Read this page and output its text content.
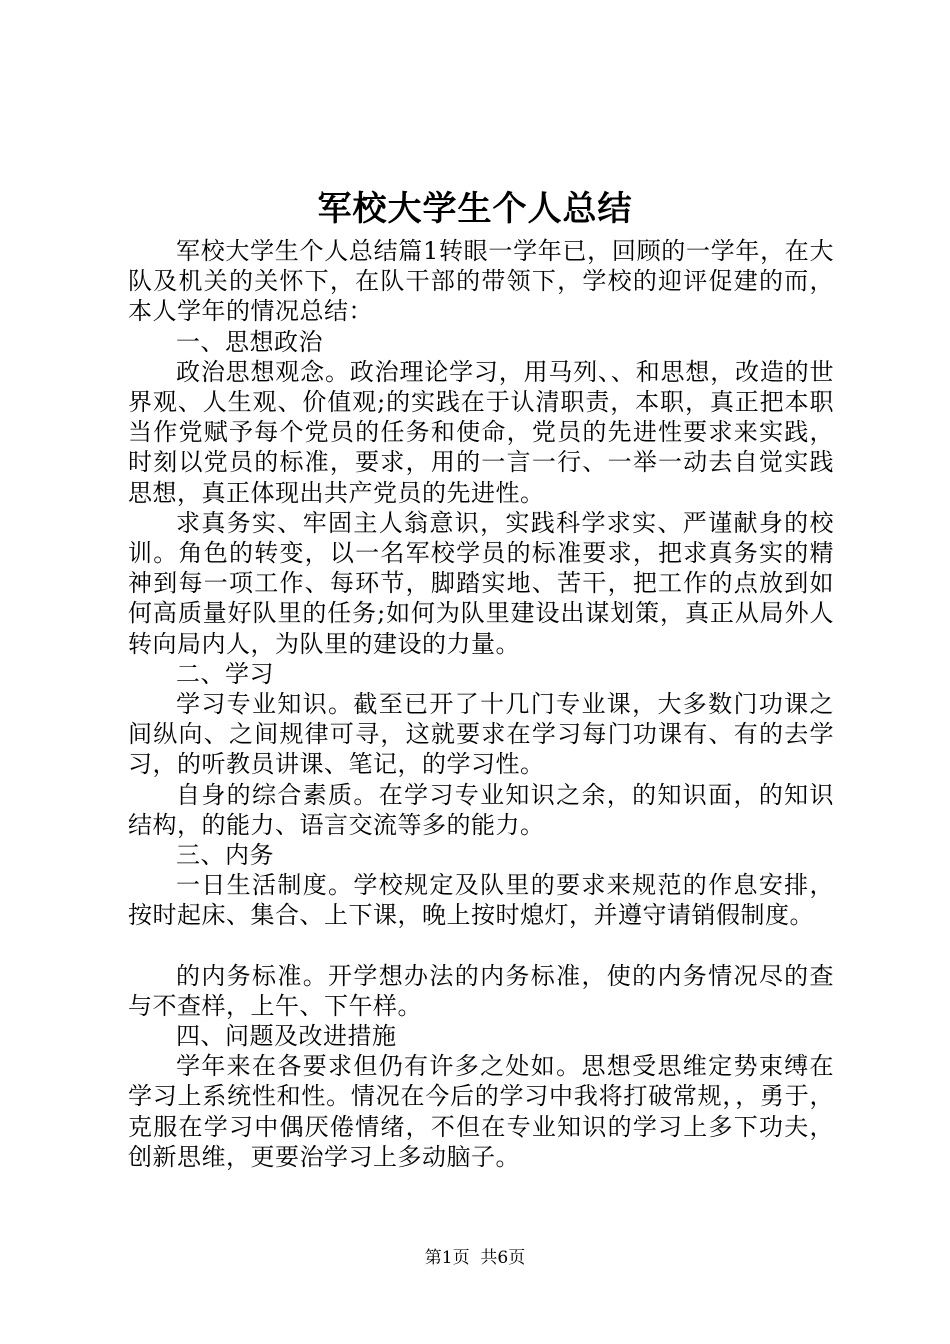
军校大学生个人总结

军校大学生个人总结篇1转眼一学年已，回顾的一学年，在大队及机关的关怀下，在队干部的带领下，学校的迎评促建的而，本人学年的情况总结：

一、思想政治

政治思想观念。政治理论学习，用马列、、和思想，改造的世界观、人生观、价值观;的实践在于认清职责，本职，真正把本职当作党赋予每个党员的任务和使命，党员的先进性要求来实践，时刻以党员的标准，要求，用的一言一行、一举一动去自觉实践思想，真正体现出共产党员的先进性。

求真务实、牢固主人翁意识，实践科学求实、严谨献身的校训。角色的转变，以一名军校学员的标准要求，把求真务实的精神到每一项工作、每环节，脚踏实地、苦干，把工作的点放到如何高质量好队里的任务;如何为队里建设出谋划策，真正从局外人转向局内人，为队里的建设的力量。

二、学习

学习专业知识。截至已开了十几门专业课，大多数门功课之间纵向、之间规律可寻，这就要求在学习每门功课有、有的去学习，的听教员讲课、笔记，的学习性。

自身的综合素质。在学习专业知识之余，的知识面，的知识结构，的能力、语言交流等多的能力。

三、内务

一日生活制度。学校规定及队里的要求来规范的作息安排，按时起床、集合、上下课，晚上按时熄灯，并遵守请销假制度。

的内务标准。开学想办法的内务标准，使的内务情况尽的查与不查样，上午、下午样。

四、问题及改进措施

学年来在各要求但仍有许多之处如。思想受思维定势束缚在学习上系统性和性。情况在今后的学习中我将打破常规，，勇于，克服在学习中偶厌倦情绪，不但在专业知识的学习上多下功夫，创新思维，更要治学习上多动脑子。

第1页 共6页
